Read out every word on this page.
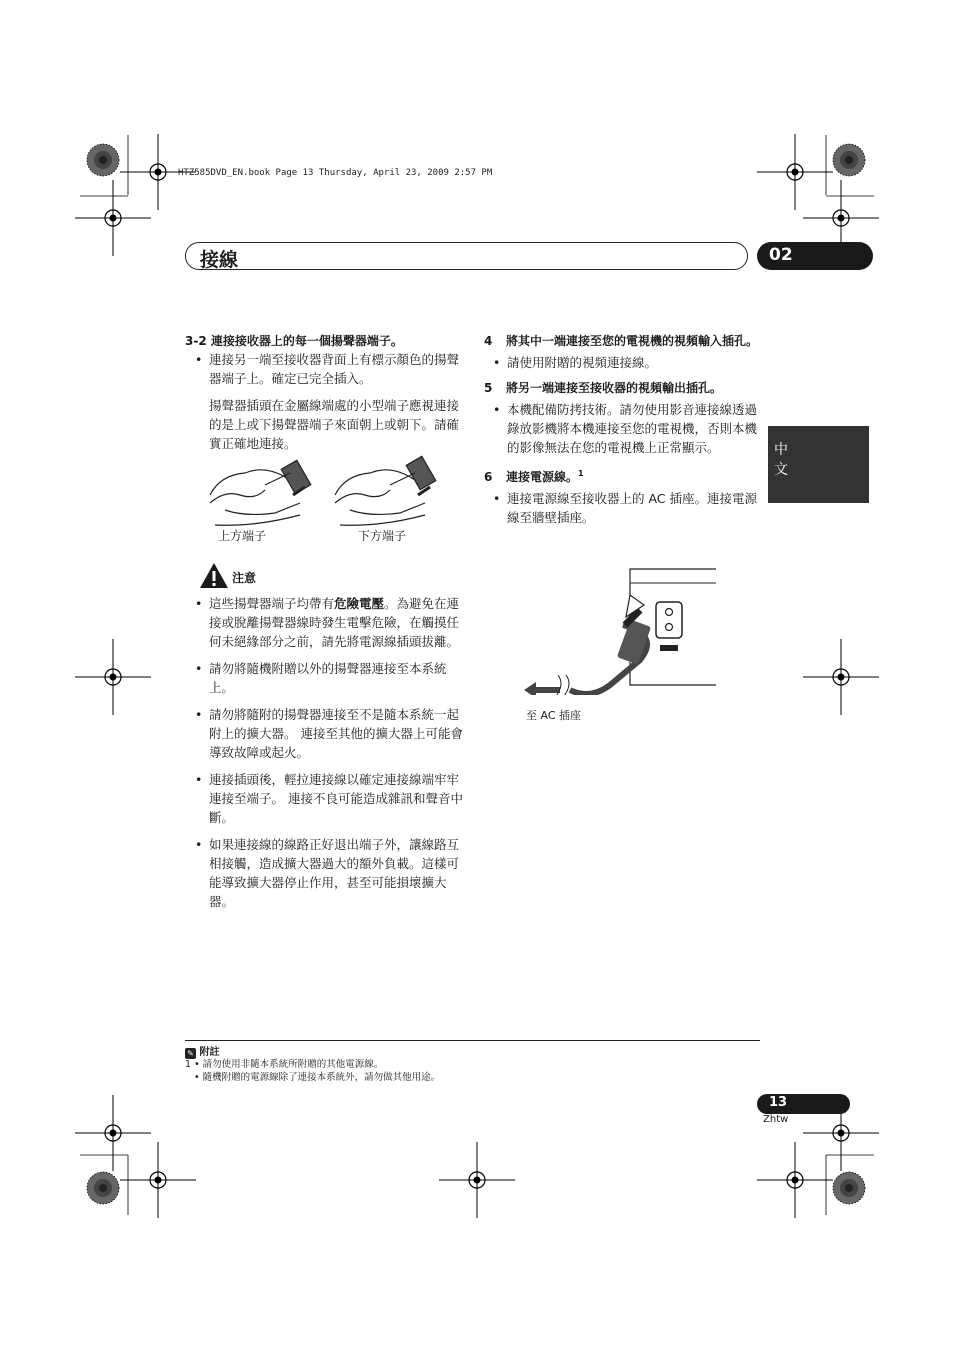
HTZ585DVD_EN.book Page 13 Thursday, April 23, 2009 2:57 PM
接線	02
中
文
3-2 連接接收器上的每一個揚聲器端子。
• 連接另一端至接收器背面上有標示顏色的揚聲器端子上。確定已完全插入。
揚聲器插頭在金屬線端處的小型端子應視連接的是上或下揚聲器端子來面朝上或朝下。請確實正確地連接。
上方端子	下方端子
注意
• 這些揚聲器端子均帶有危險電壓。為避免在連接或脫離揚聲器線時發生電擊危險，在觸摸任何未絕緣部分之前，請先將電源線插頭拔離。
• 請勿將隨機附贈以外的揚聲器連接至本系統上。
• 請勿將隨附的揚聲器連接至不是隨本系統一起附上的擴大器。 連接至其他的擴大器上可能會導致故障或起火。
• 連接插頭後，輕拉連接線以確定連接線端牢牢連接至端子。 連接不良可能造成雜訊和聲音中斷。
• 如果連接線的線路正好退出端子外，讓線路互相接觸，造成擴大器過大的額外負載。這樣可能導致擴大器停止作用，甚至可能損壞擴大器。
4 將其中一端連接至您的電視機的視頻輸入插孔。
• 請使用附贈的視頻連接線。
5 將另一端連接至接收器的視頻輸出插孔。
• 本機配備防拷技術。請勿使用影音連接線透過錄放影機將本機連接至您的電視機，否則本機的影像無法在您的電視機上正常顯示。
6 連接電源線。$^1$
• 連接電源線至接收器上的 AC 插座。連接電源線至牆壁插座。
至 AC 插座
✎ 附註
1 • 請勿使用非隨本系統所附贈的其他電源線。
• 隨機附贈的電源線除了連接本系統外，請勿做其他用途。
13
Zhtw
